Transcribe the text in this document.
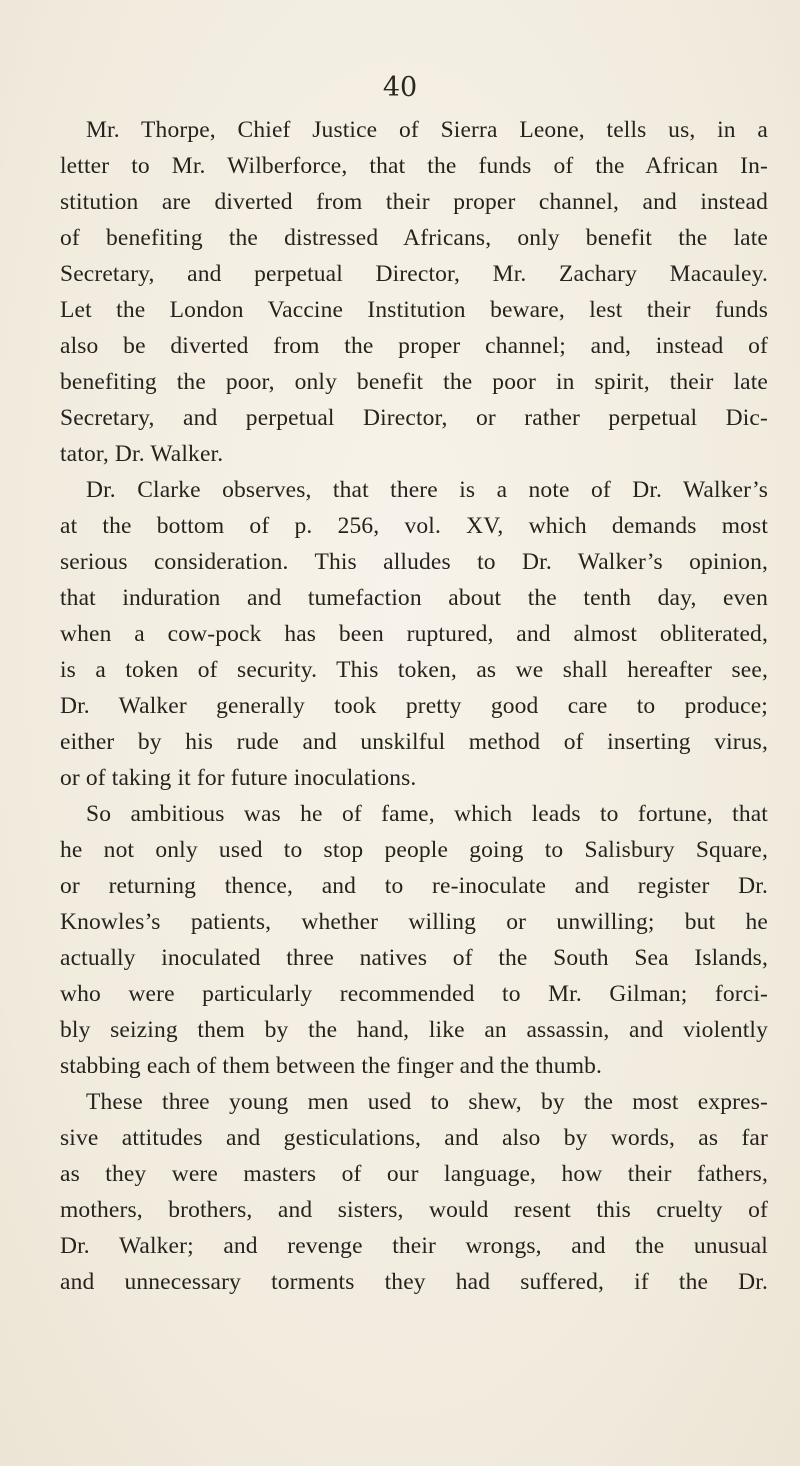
40
Mr. Thorpe, Chief Justice of Sierra Leone, tells us, in a
letter to Mr. Wilberforce, that the funds of the African In-
stitution are diverted from their proper channel, and instead
of benefiting the distressed Africans, only benefit the late
Secretary, and perpetual Director, Mr. Zachary Macauley.
Let the London Vaccine Institution beware, lest their funds
also be diverted from the proper channel; and, instead of
benefiting the poor, only benefit the poor in spirit, their late
Secretary, and perpetual Director, or rather perpetual Dic-
tator, Dr. Walker.
Dr. Clarke observes, that there is a note of Dr. Walker’s
at the bottom of p. 256, vol. XV, which demands most
serious consideration. This alludes to Dr. Walker’s opinion,
that induration and tumefaction about the tenth day, even
when a cow-pock has been ruptured, and almost obliterated,
is a token of security. This token, as we shall hereafter see,
Dr. Walker generally took pretty good care to produce;
either by his rude and unskilful method of inserting virus,
or of taking it for future inoculations.
So ambitious was he of fame, which leads to fortune, that
he not only used to stop people going to Salisbury Square,
or returning thence, and to re-inoculate and register Dr.
Knowles’s patients, whether willing or unwilling; but he
actually inoculated three natives of the South Sea Islands,
who were particularly recommended to Mr. Gilman; forci-
bly seizing them by the hand, like an assassin, and violently
stabbing each of them between the finger and the thumb.
These three young men used to shew, by the most expres-
sive attitudes and gesticulations, and also by words, as far
as they were masters of our language, how their fathers,
mothers, brothers, and sisters, would resent this cruelty of
Dr. Walker; and revenge their wrongs, and the unusual
and unnecessary torments they had suffered, if the Dr.
